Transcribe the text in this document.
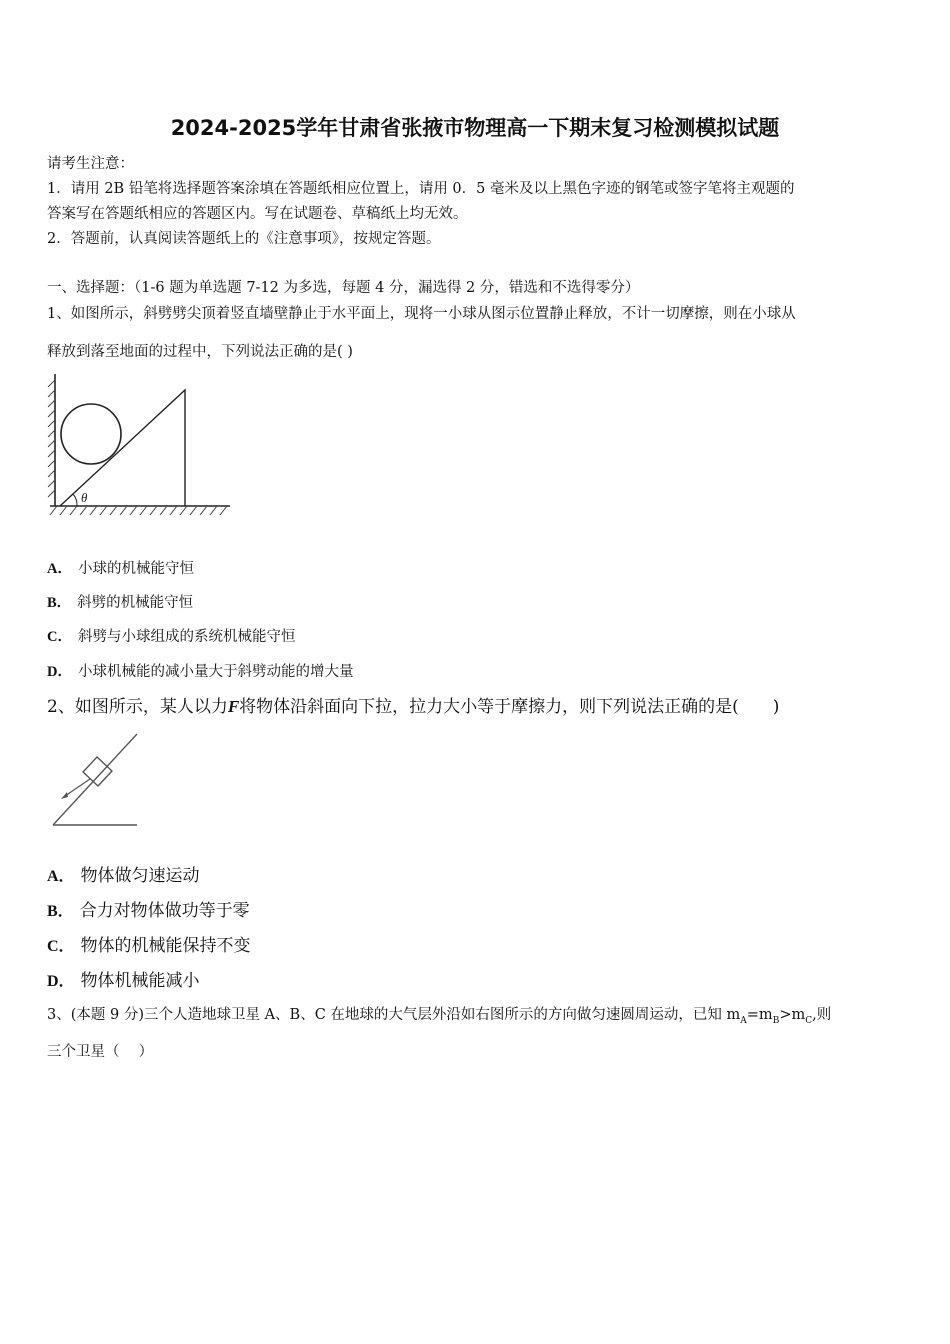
2024-2025学年甘肃省张掖市物理高一下期末复习检测模拟试题
请考生注意：
1．请用 2B 铅笔将选择题答案涂填在答题纸相应位置上，请用 0．5 毫米及以上黑色字迹的钢笔或签字笔将主观题的
答案写在答题纸相应的答题区内。写在试题卷、草稿纸上均无效。
2．答题前，认真阅读答题纸上的《注意事项》，按规定答题。
一、选择题：（1-6 题为单选题 7-12 为多选，每题 4 分，漏选得 2 分，错选和不选得零分）
1、如图所示，斜劈劈尖顶着竖直墙壁静止于水平面上，现将一小球从图示位置静止释放，不计一切摩擦，则在小球从
释放到落至地面的过程中，下列说法正确的是( )
θ
A． 小球的机械能守恒
B． 斜劈的机械能守恒
C． 斜劈与小球组成的系统机械能守恒
D． 小球机械能的减小量大于斜劈动能的增大量
2、如图所示，某人以力F将物体沿斜面向下拉，拉力大小等于摩擦力，则下列说法正确的是(　　)
A． 物体做匀速运动
B． 合力对物体做功等于零
C． 物体的机械能保持不变
D． 物体机械能减小
3、(本题 9 分)三个人造地球卫星 A、B、C 在地球的大气层外沿如右图所示的方向做匀速圆周运动，已知 $m_A=m_B>m_C$,则
三个卫星（　 ）
